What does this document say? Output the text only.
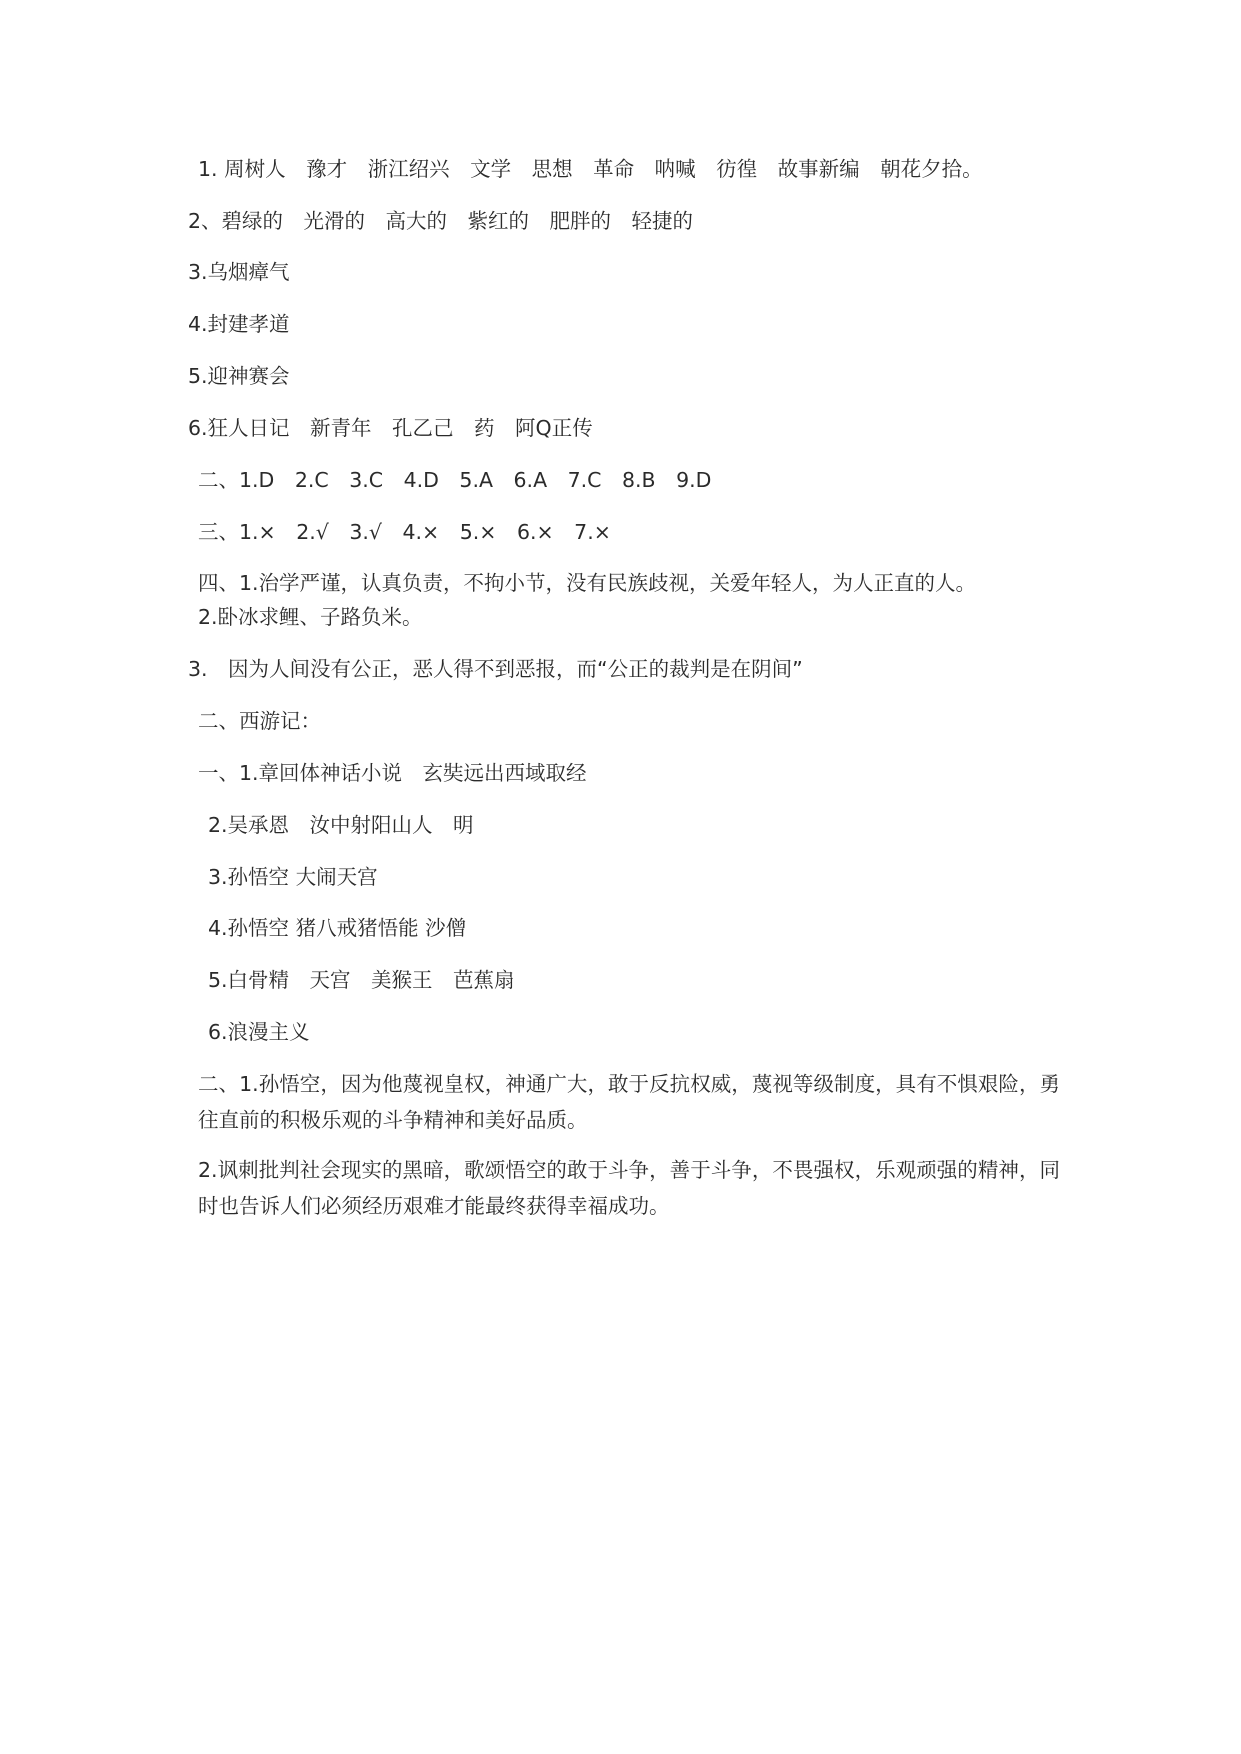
1. 周树人　豫才　浙江绍兴　文学　思想　革命　呐喊　彷徨　故事新编　朝花夕拾。

2、碧绿的　光滑的　高大的　紫红的　肥胖的　轻捷的

3.乌烟瘴气

4.封建孝道

5.迎神赛会

6.狂人日记　新青年　孔乙己　药　阿Q正传

二、1.D　2.C　3.C　4.D　5.A　6.A　7.C　8.B　9.D

三、1.×　2.√　3.√　4.×　5.×　6.×　7.×

四、1.治学严谨，认真负责，不拘小节，没有民族歧视，关爱年轻人，为人正直的人。

2.卧冰求鲤、子路负米。

3.　因为人间没有公正，恶人得不到恶报，而“公正的裁判是在阴间”

二、西游记：

一、1.章回体神话小说　玄奘远出西域取经

2.吴承恩　汝中射阳山人　明

3.孙悟空 大闹天宫

4.孙悟空 猪八戒猪悟能 沙僧

5.白骨精　天宫　美猴王　芭蕉扇

6.浪漫主义

二、1.孙悟空，因为他蔑视皇权，神通广大，敢于反抗权威，蔑视等级制度，具有不惧艰险，勇往直前的积极乐观的斗争精神和美好品质。

2.讽刺批判社会现实的黑暗，歌颂悟空的敢于斗争，善于斗争，不畏强权，乐观顽强的精神，同时也告诉人们必须经历艰难才能最终获得幸福成功。
